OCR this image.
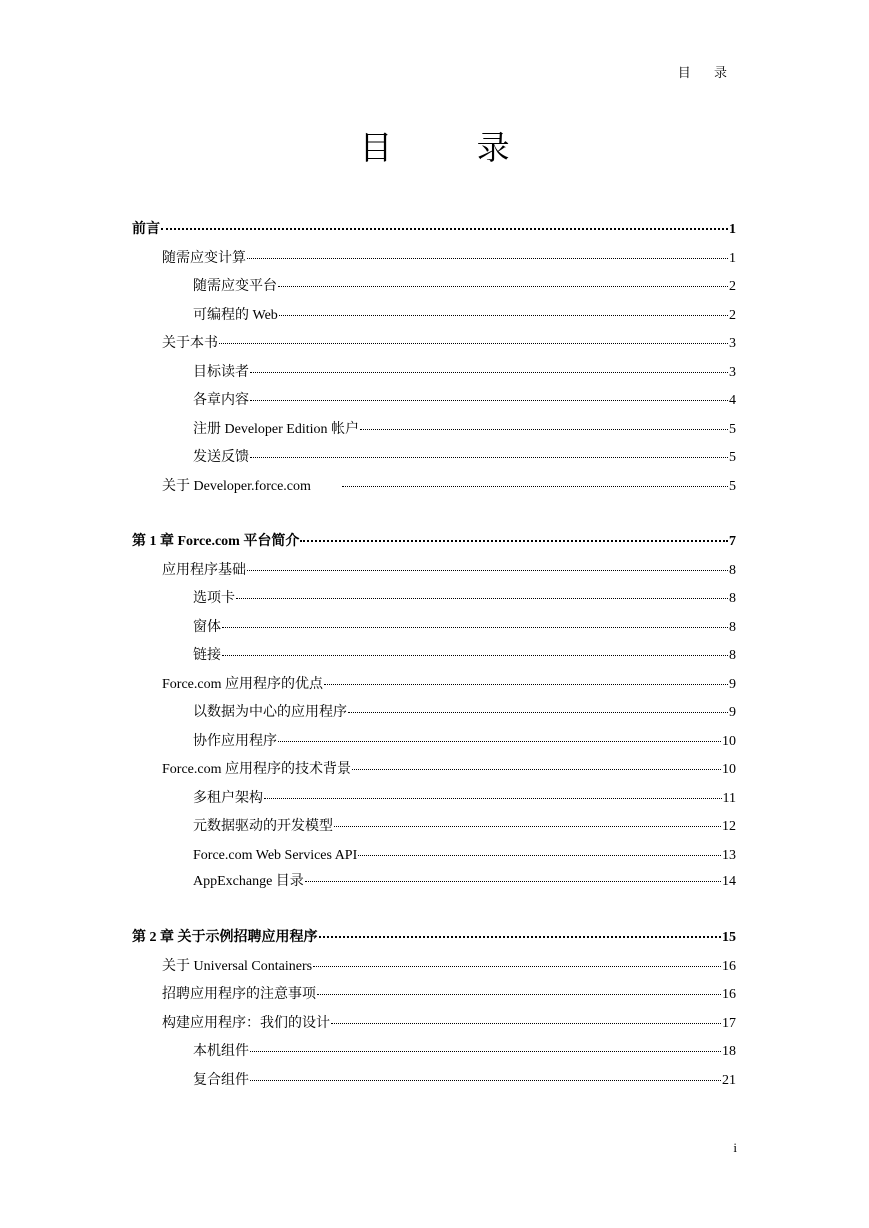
目 录
目 录
前言	1
随需应变计算	1
随需应变平台	2
可编程的 Web	2
关于本书	3
目标读者	3
各章内容	4
注册 Developer Edition 帐户	5
发送反馈	5
关于 Developer.force.com	5
第 1 章 Force.com 平台简介	7
应用程序基础	8
选项卡	8
窗体	8
链接	8
Force.com 应用程序的优点	9
以数据为中心的应用程序	9
协作应用程序	10
Force.com 应用程序的技术背景	10
多租户架构	11
元数据驱动的开发模型	12
Force.com Web Services API	13
AppExchange 目录	14
第 2 章 关于示例招聘应用程序	15
关于 Universal Containers	16
招聘应用程序的注意事项	16
构建应用程序：我们的设计	17
本机组件	18
复合组件	21
i
